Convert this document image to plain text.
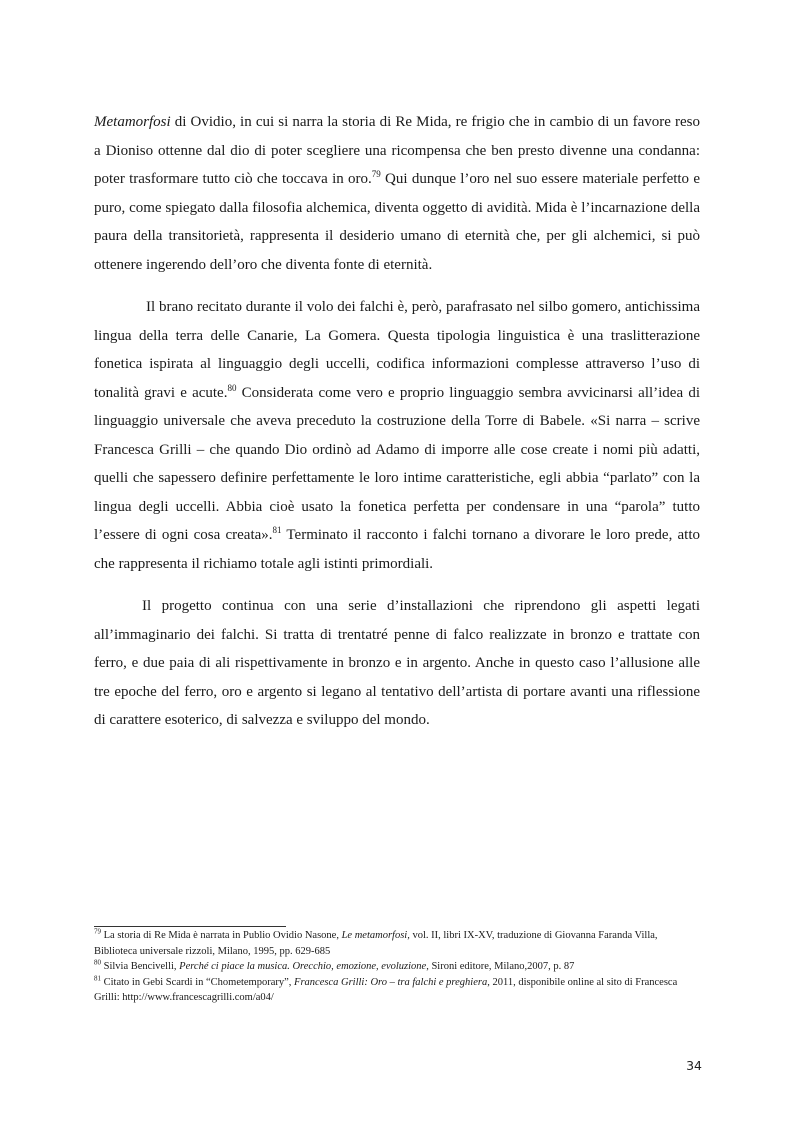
Metamorfosi di Ovidio, in cui si narra la storia di Re Mida, re frigio che in cambio di un favore reso a Dioniso ottenne dal dio di poter scegliere una ricompensa che ben presto divenne una condanna: poter trasformare tutto ciò che toccava in oro.$^{79}$ Qui dunque l’oro nel suo essere materiale perfetto e puro, come spiegato dalla filosofia alchemica, diventa oggetto di avidità. Mida è l’incarnazione della paura della transitorietà, rappresenta il desiderio umano di eternità che, per gli alchemici, si può ottenere ingerendo dell’oro che diventa fonte di eternità.

Il brano recitato durante il volo dei falchi è, però, parafrasato nel silbo gomero, antichissima lingua della terra delle Canarie, La Gomera. Questa tipologia linguistica è una traslitterazione fonetica ispirata al linguaggio degli uccelli, codifica informazioni complesse attraverso l’uso di tonalità gravi e acute.$^{80}$ Considerata come vero e proprio linguaggio sembra avvicinarsi all’idea di linguaggio universale che aveva preceduto la costruzione della Torre di Babele. «Si narra – scrive Francesca Grilli – che quando Dio ordinò ad Adamo di imporre alle cose create i nomi più adatti, quelli che sapessero definire perfettamente le loro intime caratteristiche, egli abbia “parlato” con la lingua degli uccelli. Abbia cioè usato la fonetica perfetta per condensare in una “parola” tutto l’essere di ogni cosa creata».$^{81}$ Terminato il racconto i falchi tornano a divorare le loro prede, atto che rappresenta il richiamo totale agli istinti primordiali.

Il progetto continua con una serie d’installazioni che riprendono gli aspetti legati all’immaginario dei falchi. Si tratta di trentatré penne di falco realizzate in bronzo e trattate con ferro, e due paia di ali rispettivamente in bronzo e in argento. Anche in questo caso l’allusione alle tre epoche del ferro, oro e argento si legano al tentativo dell’artista di portare avanti una riflessione di carattere esoterico, di salvezza e sviluppo del mondo.

$^{79}$ La storia di Re Mida è narrata in Publio Ovidio Nasone, Le metamorfosi, vol. II, libri IX-XV, traduzione di Giovanna Faranda Villa, Biblioteca universale rizzoli, Milano, 1995, pp. 629-685

$^{80}$ Silvia Bencivelli, Perché ci piace la musica. Orecchio, emozione, evoluzione, Sironi editore, Milano,2007, p. 87

$^{81}$ Citato in Gebi Scardi in “Chometemporary”, Francesca Grilli: Oro – tra falchi e preghiera, 2011, disponibile online al sito di Francesca Grilli: http://www.francescagrilli.com/a04/

34
